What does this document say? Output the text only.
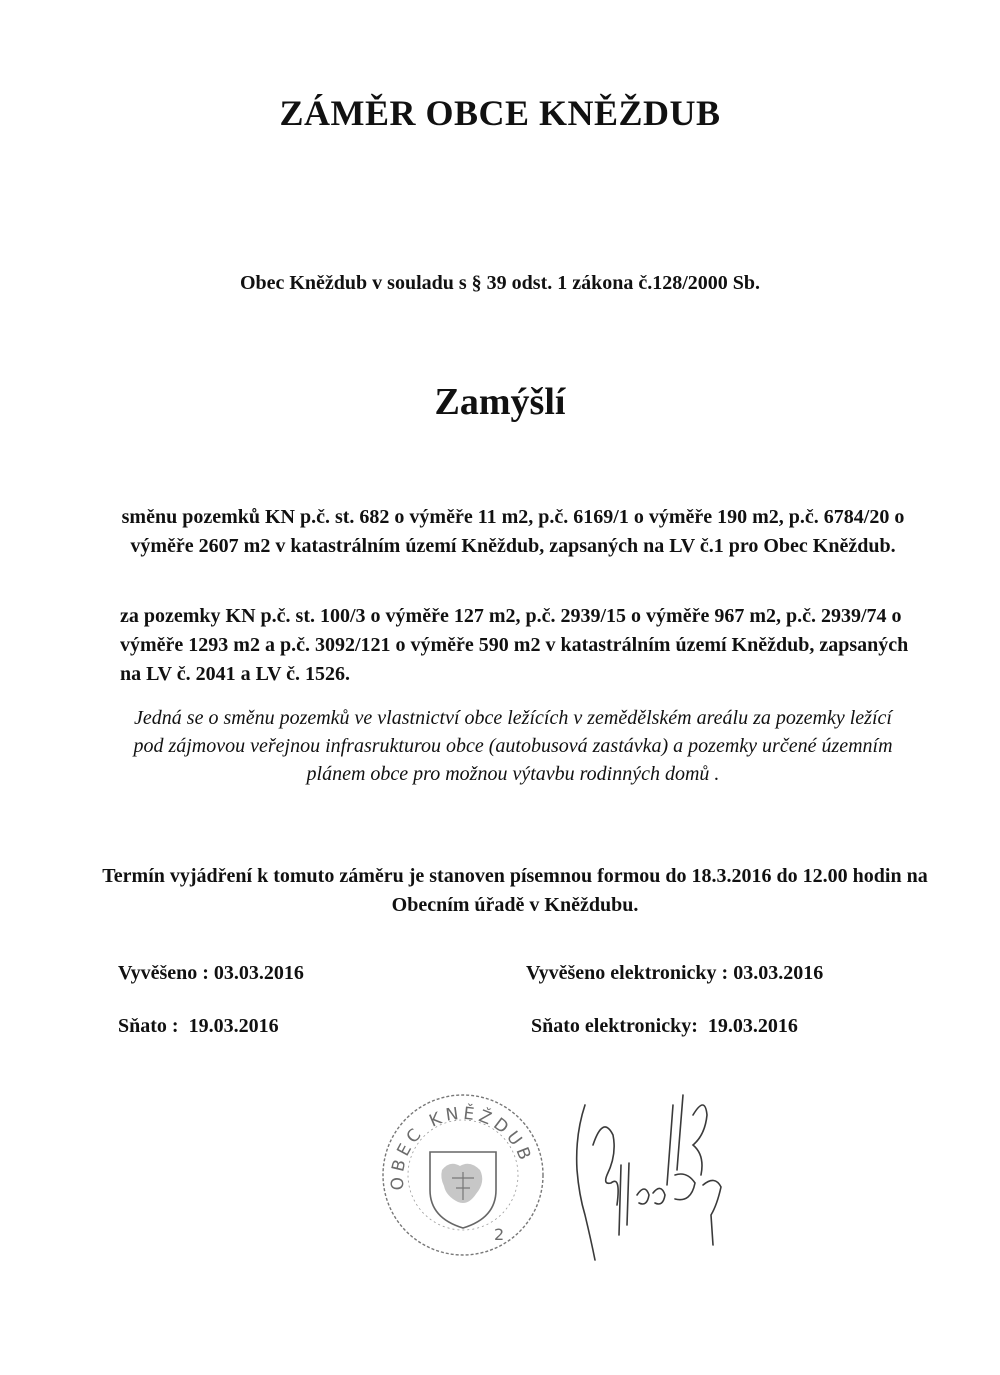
ZÁMĚR OBCE KNĚŽDUB
Obec Kněždub v souladu s § 39 odst. 1 zákona č.128/2000 Sb.
Zamýšlí
směnu pozemků KN p.č. st. 682 o výměře 11 m2, p.č. 6169/1 o výměře 190 m2, p.č. 6784/20 o výměře 2607 m2 v katastrálním území Kněždub, zapsaných na LV č.1 pro Obec Kněždub.
za pozemky KN p.č. st. 100/3 o výměře 127 m2, p.č. 2939/15 o výměře 967 m2, p.č. 2939/74 o výměře 1293 m2 a p.č. 3092/121 o výměře 590 m2 v katastrálním území Kněždub, zapsaných na LV č. 2041 a LV č. 1526.
Jedná se o směnu pozemků ve vlastnictví obce ležících v zemědělském areálu za pozemky ležící pod zájmovou veřejnou infrasrukturou obce (autobusová zastávka) a pozemky určené územním plánem obce pro možnou výtavbu rodinných domů .
Termín vyjádření k tomuto záměru je stanoven písemnou formou do 18.3.2016 do 12.00 hodin na Obecním úřadě v Kněždubu.
Vyvěšeno : 03.03.2016	Vyvěšeno elektronicky : 03.03.2016
Sňato :  19.03.2016	Sňato elektronicky:  19.03.2016
OBEC KNĚŽDUB
2
